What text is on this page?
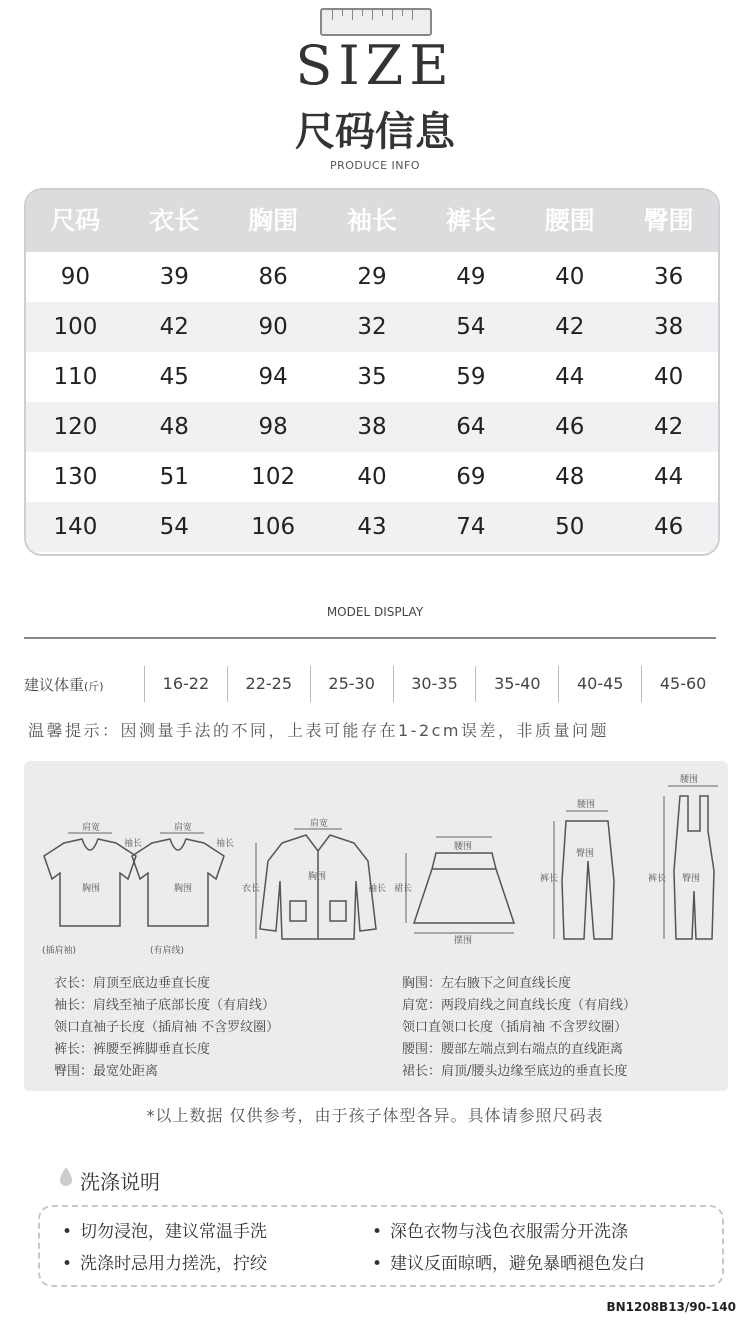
SIZE
尺码信息
PRODUCE INFO
尺码	衣长	胸围	袖长	裤长	腰围	臀围
90	39	86	29	49	40	36
100	42	90	32	54	42	38
110	45	94	35	59	44	40
120	48	98	38	64	46	42
130	51	102	40	69	48	44
140	54	106	43	74	50	46
MODEL DISPLAY
建议体重(斤)	16-22	22-25	25-30	30-35	35-40	40-45	45-60
温馨提示：因测量手法的不同，上表可能存在1-2cm误差，非质量问题
肩宽	肩宽	肩宽
袖长	袖长
袖长
胸围	胸围
胸围
衣长
腰围
摆围
裙长
腰围
臀围
裤长
腰围
臀围
裤长
(插肩袖)	(有肩线)
衣长：肩顶至底边垂直长度
袖长：肩线至袖子底部长度（有肩线）
领口直袖子长度（插肩袖 不含罗纹圈）
裤长：裤腰至裤脚垂直长度
臀围：最宽处距离
胸围：左右腋下之间直线长度
肩宽：两段肩线之间直线长度（有肩线）
领口直领口长度（插肩袖 不含罗纹圈）
腰围：腰部左端点到右端点的直线距离
裙长：肩顶/腰头边缘至底边的垂直长度
*以上数据 仅供参考，由于孩子体型各异。具体请参照尺码表
洗涤说明
• 切勿浸泡，建议常温手洗	• 深色衣物与浅色衣服需分开洗涤
• 洗涤时忌用力搓洗，拧绞	• 建议反面晾晒，避免暴晒褪色发白
BN1208B13/90-140
